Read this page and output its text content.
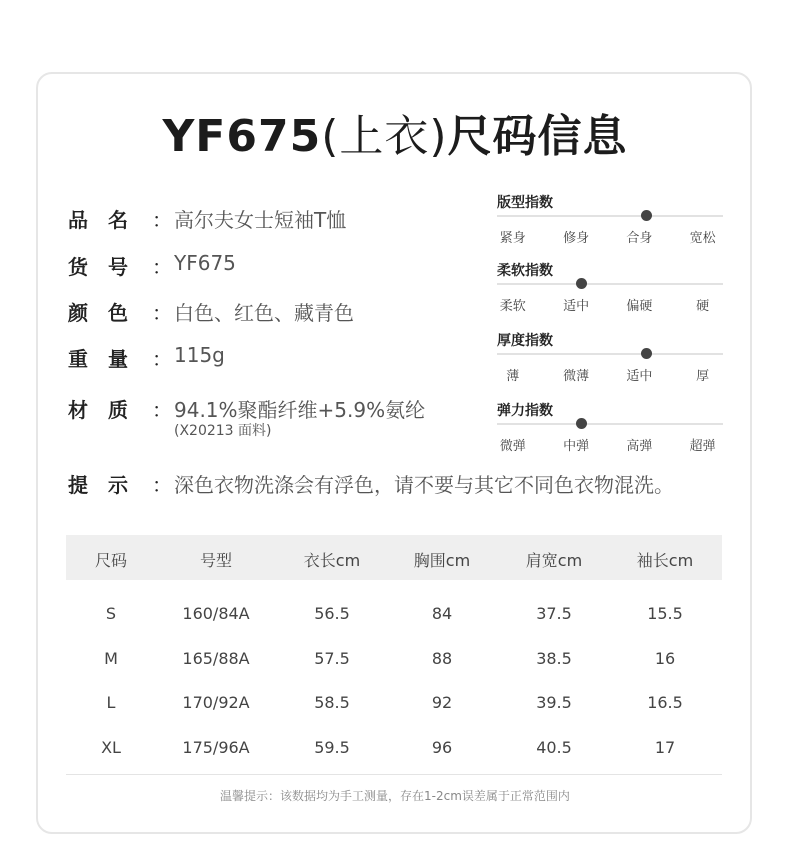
YF675(上衣)尺码信息
品　名	： 高尔夫女士短袖T恤
货　号	： YF675
颜　色	： 白色、红色、藏青色
重　量	： 115g
材　质	： 94.1%聚酯纤维+5.9%氨纶
(X20213 面料)
提　示	： 深色衣物洗涤会有浮色，请不要与其它不同色衣物混洗。
版型指数
紧身	修身	合身	宽松
柔软指数
柔软	适中	偏硬	硬
厚度指数
薄	微薄	适中	厚
弹力指数
微弹	中弹	高弹	超弹
尺码	号型	衣长cm	胸围cm	肩宽cm	袖长cm
S	160/84A	56.5	84	37.5	15.5
M	165/88A	57.5	88	38.5	16
L	170/92A	58.5	92	39.5	16.5
XL	175/96A	59.5	96	40.5	17
温馨提示：该数据均为手工测量，存在1-2cm误差属于正常范围内
